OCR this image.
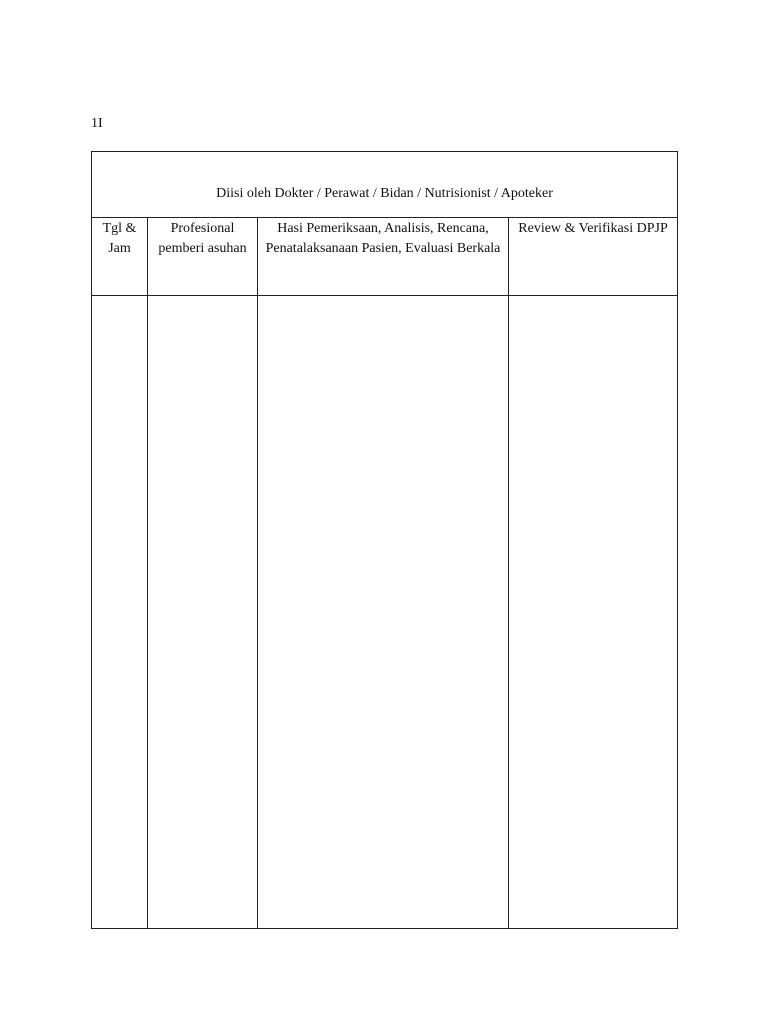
1I
Diisi oleh Dokter / Perawat / Bidan / Nutrisionist / Apoteker			

Tgl & Jam	Profesional pemberi asuhan	Hasi Pemeriksaan, Analisis, Rencana, Penatalaksanaan Pasien, Evaluasi Berkala	Review & Verifikasi DPJP
